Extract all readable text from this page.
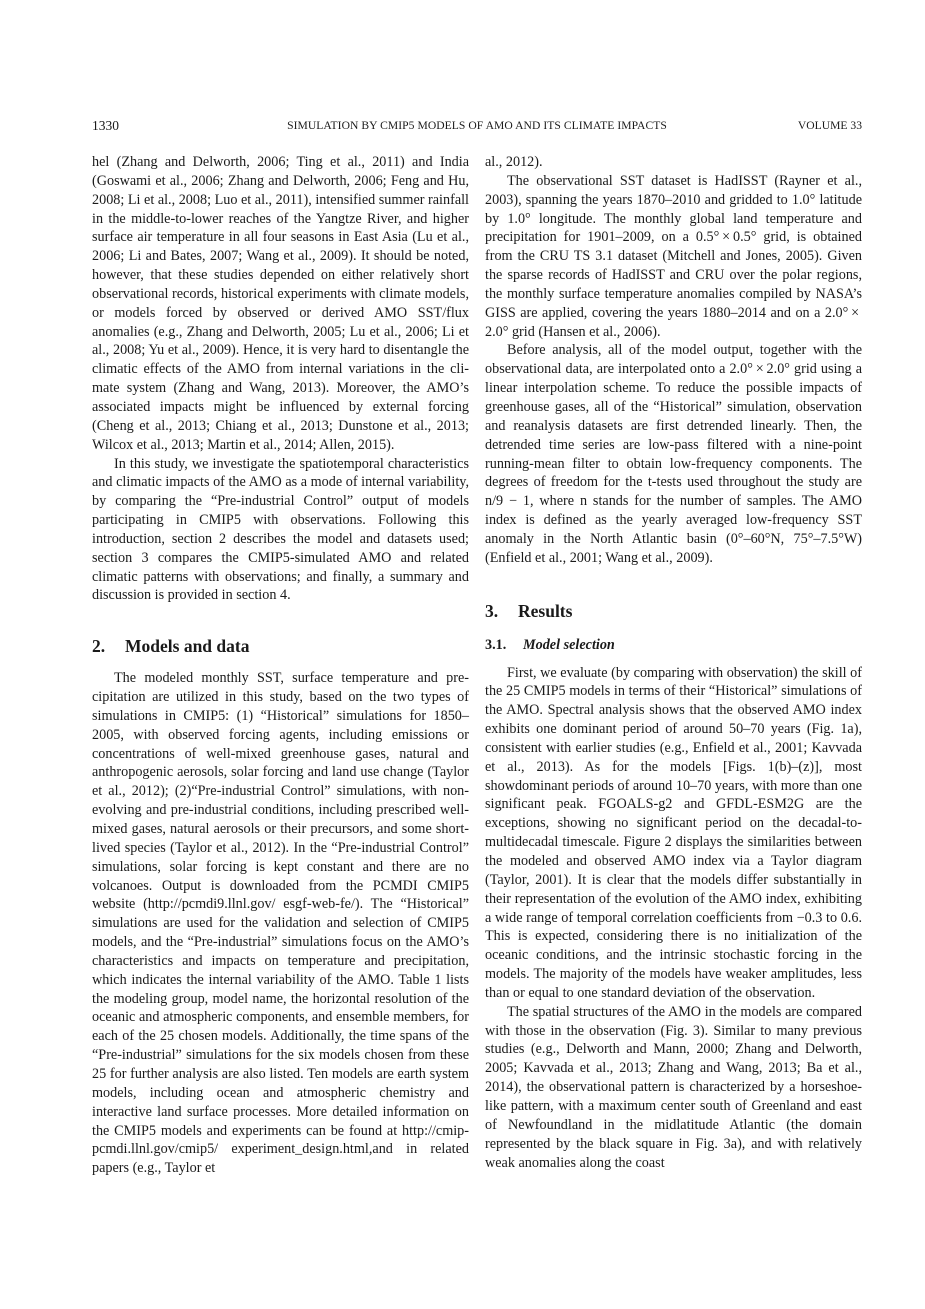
1330	SIMULATION BY CMIP5 MODELS OF AMO AND ITS CLIMATE IMPACTS	VOLUME 33

hel (Zhang and Delworth, 2006; Ting et al., 2011) and India (Goswami et al., 2006; Zhang and Delworth, 2006; Feng and Hu, 2008; Li et al., 2008; Luo et al., 2011), intensified summer rainfall in the middle-to-lower reaches of the Yangtze River, and higher surface air temperature in all four seasons in East Asia (Lu et al., 2006; Li and Bates, 2007; Wang et al., 2009). It should be noted, however, that these studies depended on either relatively short observational records, historical experiments with climate models, or models forced by observed or derived AMO SST/flux anomalies (e.g., Zhang and Delworth, 2005; Lu et al., 2006; Li et al., 2008; Yu et al., 2009). Hence, it is very hard to disentangle the climatic effects of the AMO from internal variations in the climate system (Zhang and Wang, 2013). Moreover, the AMO’s associated impacts might be influenced by external forcing (Cheng et al., 2013; Chiang et al., 2013; Dunstone et al., 2013; Wilcox et al., 2013; Martin et al., 2014; Allen, 2015).

In this study, we investigate the spatiotemporal characteristics and climatic impacts of the AMO as a mode of internal variability, by comparing the “Pre-industrial Control” output of models participating in CMIP5 with observations. Following this introduction, section 2 describes the model and datasets used; section 3 compares the CMIP5-simulated AMO and related climatic patterns with observations; and finally, a summary and discussion is provided in section 4.

2. Models and data

The modeled monthly SST, surface temperature and precipitation are utilized in this study, based on the two types of simulations in CMIP5: (1) “Historical” simulations for 1850–2005, with observed forcing agents, including emissions or concentrations of well-mixed greenhouse gases, natural and anthropogenic aerosols, solar forcing and land use change (Taylor et al., 2012); (2)“Pre-industrial Control” simulations, with non-evolving and pre-industrial conditions, including prescribed well-mixed gases, natural aerosols or their precursors, and some short-lived species (Taylor et al., 2012). In the “Pre-industrial Control” simulations, solar forcing is kept constant and there are no volcanoes. Output is downloaded from the PCMDI CMIP5 website (http://pcmdi9.llnl.gov/ esgf-web-fe/). The “Historical” simulations are used for the validation and selection of CMIP5 models, and the “Pre-industrial” simulations focus on the AMO’s characteristics and impacts on temperature and precipitation, which indicates the internal variability of the AMO. Table 1 lists the modeling group, model name, the horizontal resolution of the oceanic and atmospheric components, and ensemble members, for each of the 25 chosen models. Additionally, the time spans of the “Pre-industrial” simulations for the six models chosen from these 25 for further analysis are also listed. Ten models are earth system models, including ocean and atmospheric chemistry and interactive land surface processes. More detailed information on the CMIP5 models and experiments can be found at http://cmip-pcmdi.llnl.gov/cmip5/ experiment_design.html,and in related papers (e.g., Taylor et

al., 2012).

The observational SST dataset is HadISST (Rayner et al., 2003), spanning the years 1870–2010 and gridded to 1.0° latitude by 1.0° longitude. The monthly global land temperature and precipitation for 1901–2009, on a 0.5° × 0.5° grid, is obtained from the CRU TS 3.1 dataset (Mitchell and Jones, 2005). Given the sparse records of HadISST and CRU over the polar regions, the monthly surface temperature anomalies compiled by NASA’s GISS are applied, covering the years 1880–2014 and on a 2.0° × 2.0° grid (Hansen et al., 2006).

Before analysis, all of the model output, together with the observational data, are interpolated onto a 2.0° × 2.0° grid using a linear interpolation scheme. To reduce the possible impacts of greenhouse gases, all of the “Historical” simulation, observation and reanalysis datasets are first detrended linearly. Then, the detrended time series are low-pass filtered with a nine-point running-mean filter to obtain low-frequency components. The degrees of freedom for the t-tests used throughout the study are n/9 − 1, where n stands for the number of samples. The AMO index is defined as the yearly averaged low-frequency SST anomaly in the North Atlantic basin (0°–60°N, 75°–7.5°W) (Enfield et al., 2001; Wang et al., 2009).

3. Results
3.1. Model selection

First, we evaluate (by comparing with observation) the skill of the 25 CMIP5 models in terms of their “Historical” simulations of the AMO. Spectral analysis shows that the observed AMO index exhibits one dominant period of around 50–70 years (Fig. 1a), consistent with earlier studies (e.g., Enfield et al., 2001; Kavvada et al., 2013). As for the models [Figs. 1(b)–(z)], most showdominant periods of around 10–70 years, with more than one significant peak. FGOALS-g2 and GFDL-ESM2G are the exceptions, showing no significant period on the decadal-to-multidecadal timescale. Figure 2 displays the similarities between the modeled and observed AMO index via a Taylor diagram (Taylor, 2001). It is clear that the models differ substantially in their representation of the evolution of the AMO index, exhibiting a wide range of temporal correlation coefficients from −0.3 to 0.6. This is expected, considering there is no initialization of the oceanic conditions, and the intrinsic stochastic forcing in the models. The majority of the models have weaker amplitudes, less than or equal to one standard deviation of the observation.

The spatial structures of the AMO in the models are compared with those in the observation (Fig. 3). Similar to many previous studies (e.g., Delworth and Mann, 2000; Zhang and Delworth, 2005; Kavvada et al., 2013; Zhang and Wang, 2013; Ba et al., 2014), the observational pattern is characterized by a horseshoe-like pattern, with a maximum center south of Greenland and east of Newfoundland in the midlatitude Atlantic (the domain represented by the black square in Fig. 3a), and with relatively weak anomalies along the coast
